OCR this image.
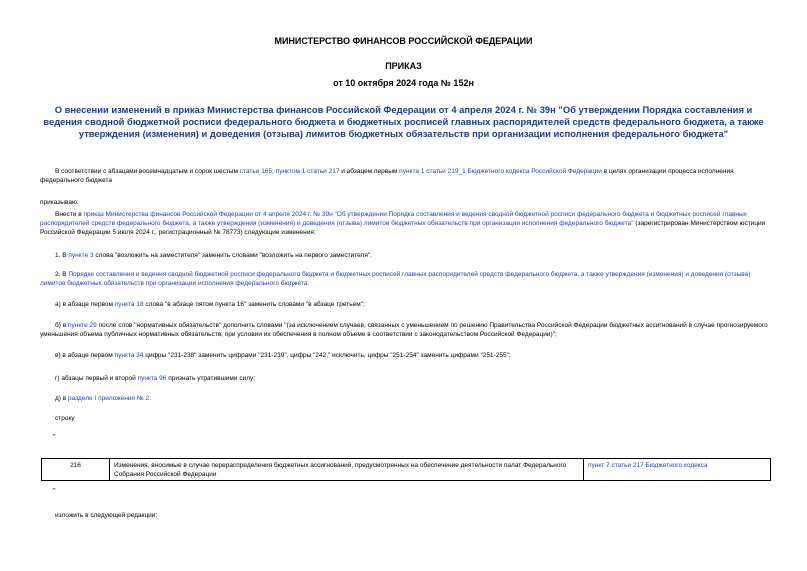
МИНИСТЕРСТВО ФИНАНСОВ РОССИЙСКОЙ ФЕДЕРАЦИИ
ПРИКАЗ
от 10 октября 2024 года № 152н
О внесении изменений в приказ Министерства финансов Российской Федерации от 4 апреля 2024 г. № 39н "Об утверждении Порядка составления и ведения сводной бюджетной росписи федерального бюджета и бюджетных росписей главных распорядителей средств федерального бюджета, а также утверждения (изменения) и доведения (отзыва) лимитов бюджетных обязательств при организации исполнения федерального бюджета"
В соответствии с абзацами восемнадцатым и сорок шестым статьи 165, пунктом 1 статьи 217 и абзацем первым пункта 1 статьи 219_1 Бюджетного кодекса Российской Федерации в целях организации процесса исполнения федерального бюджета
приказываю:
Внести в приказ Министерства финансов Российской Федерации от 4 апреля 2024 г. № 39н "Об утверждении Порядка составления и ведения сводной бюджетной росписи федерального бюджета и бюджетных росписей главных распорядителей средств федерального бюджета, а также утверждения (изменения) и доведения (отзыва) лимитов бюджетных обязательств при организации исполнения федерального бюджета" (зарегистрирован Министерством юстиции Российской Федерации 5 июля 2024 г., регистрационный № 78773) следующие изменения:
1. В пункте 3 слова "возложить на заместителя" заменить словами "возложить на первого заместителя".
2. В Порядке составления и ведения сводной бюджетной росписи федерального бюджета и бюджетных росписей главных распорядителей средств федерального бюджета, а также утверждения (изменения) и доведения (отзыва) лимитов бюджетных обязательств при организации исполнения федерального бюджета:
а) в абзаце первом пункта 18 слова "в абзаце пятом пункта 16" заменить словами "в абзаце третьем";
б) в пункте 29 после слов "нормативных обязательств" дополнить словами "(за исключением случаев, связанных с уменьшением по решению Правительства Российской Федерации бюджетных ассигнований в случае прогнозируемого уменьшения объема публичных нормативных обязательств, при условии их обеспечения в полном объеме в соответствии с законодательством Российской Федерации)";
в) в абзаце первом пункта 34 цифры "231-238" заменить цифрами "231-239", цифры "242," исключить, цифры "251-254" заменить цифрами "251-255";
г) абзацы первый и второй пункта 96 признать утратившими силу;
д) в разделе I приложения № 2:
строку
"
216	Изменения, вносимые в случае перераспределения бюджетных ассигнований, предусмотренных на обеспечение деятельности палат Федерального Собрания Российской Федерации
пункт 7 статьи 217 Бюджетного кодекса
"
изложить в следующей редакции:
